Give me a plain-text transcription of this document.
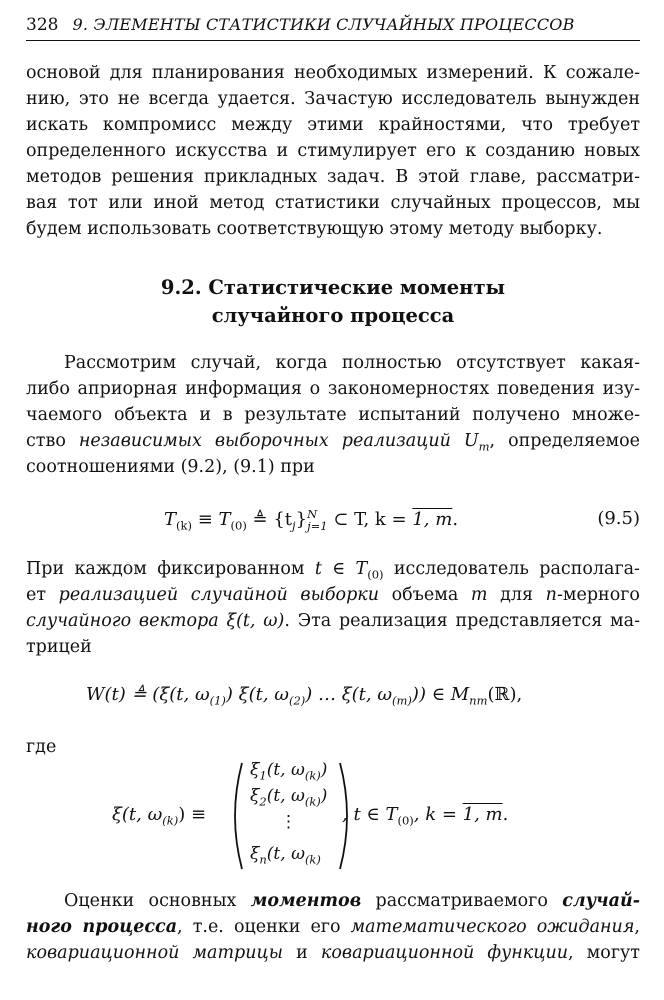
328 9. ЭЛЕМЕНТЫ СТАТИСТИКИ СЛУЧАЙНЫХ ПРОЦЕССОВ
основой для планирования необходимых измерений. К сожале-
нию, это не всегда удается. Зачастую исследователь вынужден
искать компромисс между этими крайностями, что требует
определенного искусства и стимулирует его к созданию новых
методов решения прикладных задач. В этой главе, рассматри-
вая тот или иной метод статистики случайных процессов, мы
будем использовать соответствующую этому методу выборку.
9.2. Статистические моменты
случайного процесса
Рассмотрим случай, когда полностью отсутствует какая-
либо априорная информация о закономерностях поведения изу-
чаемого объекта и в результате испытаний получено множе-
ство независимых выборочных реализаций $U_m$, определяемое
соотношениями (9.2), (9.1) при
$T_{(k)} \equiv T_{(0)}$ ≜ $\{t_j\}$ N
j=1 ⊂ T, k = 1, m.	(9.5)
При каждом фиксированном t ∈ $T_{(0)}$ исследователь располага-
ет реализацией случайной выборки объема m для n-мерного
случайного вектора ξ(t, ω). Эта реализация представляется ма-
трицей
W(t) ≜ (ξ(t, $\omega_{(1)}$) ξ(t, $\omega_{(2)}$) … ξ(t, $\omega_{(m)}$)) ∈ $M_{nm}(ℝ)$,
где
ξ(t, $\omega_{(k)}$) ≡
$\xi_1(t$, $\omega_{(k)}$)
$\xi_2(t$, $\omega_{(k)}$)
⋮
$\xi_n(t$, $\omega_{(k)}$
, t ∈ $T_{(0)}$, k = 1, m.
Оценки основных моментов рассматриваемого случай-
ного процесса, т.е. оценки его математического ожидания,
ковариационной матрицы и ковариационной функции, могут
